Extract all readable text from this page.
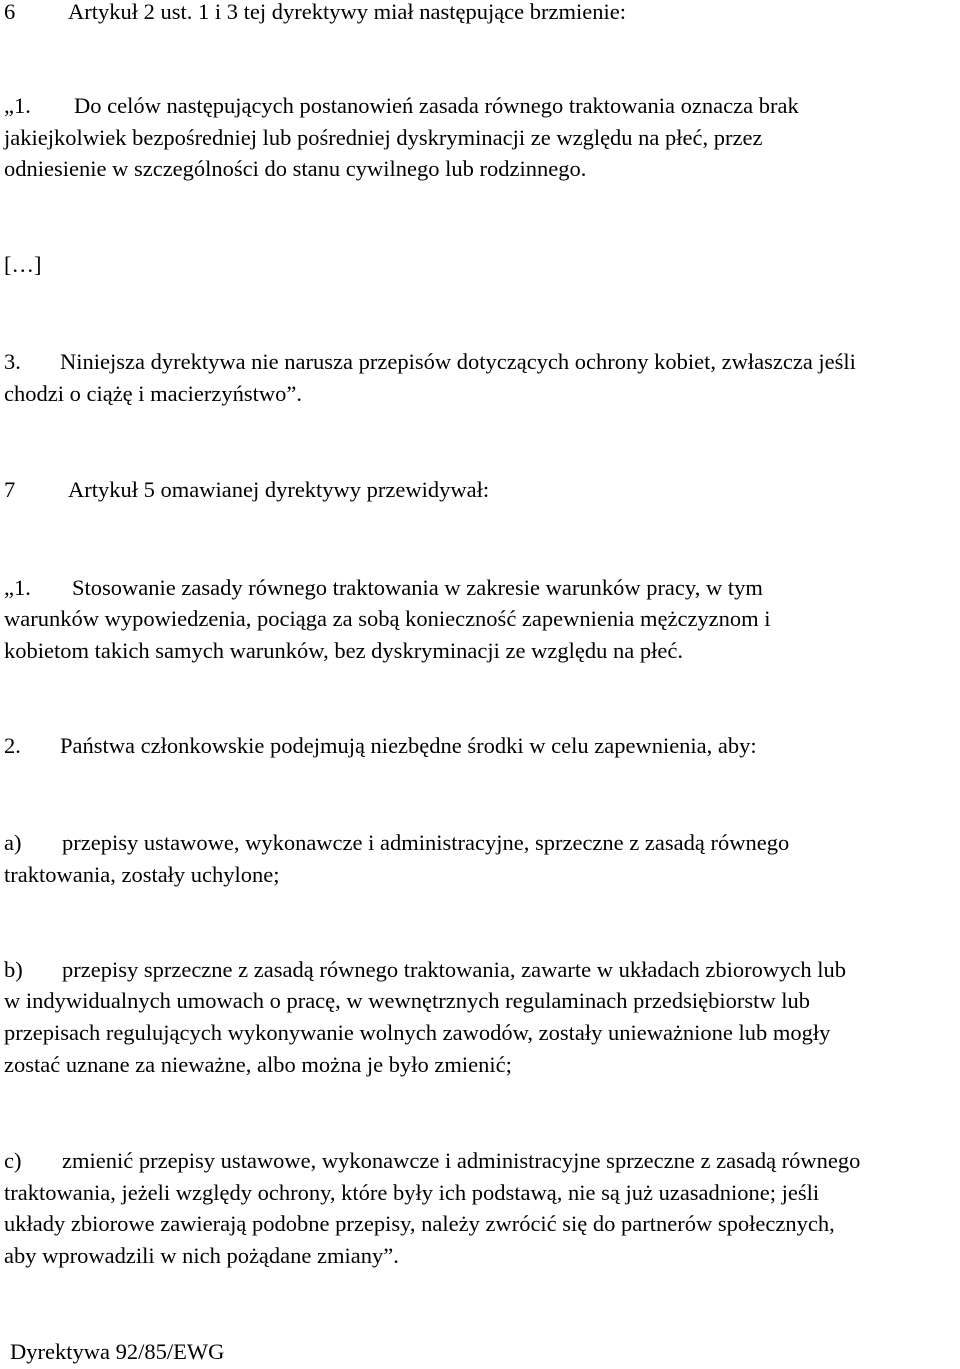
6 Artykuł 2 ust. 1 i 3 tej dyrektywy miał następujące brzmienie:
„1. Do celów następujących postanowień zasada równego traktowania oznacza brak
jakiejkolwiek bezpośredniej lub pośredniej dyskryminacji ze względu na płeć, przez
odniesienie w szczególności do stanu cywilnego lub rodzinnego.
[…]
3. Niniejsza dyrektywa nie narusza przepisów dotyczących ochrony kobiet, zwłaszcza jeśli
chodzi o ciążę i macierzyństwo”.
7 Artykuł 5 omawianej dyrektywy przewidywał:
„1. Stosowanie zasady równego traktowania w zakresie warunków pracy, w tym
warunków wypowiedzenia, pociąga za sobą konieczność zapewnienia mężczyznom i
kobietom takich samych warunków, bez dyskryminacji ze względu na płeć.
2. Państwa członkowskie podejmują niezbędne środki w celu zapewnienia, aby:
a) przepisy ustawowe, wykonawcze i administracyjne, sprzeczne z zasadą równego
traktowania, zostały uchylone;
b) przepisy sprzeczne z zasadą równego traktowania, zawarte w układach zbiorowych lub
w indywidualnych umowach o pracę, w wewnętrznych regulaminach przedsiębiorstw lub
przepisach regulujących wykonywanie wolnych zawodów, zostały unieważnione lub mogły
zostać uznane za nieważne, albo można je było zmienić;
c) zmienić przepisy ustawowe, wykonawcze i administracyjne sprzeczne z zasadą równego
traktowania, jeżeli względy ochrony, które były ich podstawą, nie są już uzasadnione; jeśli
układy zbiorowe zawierają podobne przepisy, należy zwrócić się do partnerów społecznych,
aby wprowadzili w nich pożądane zmiany”.
Dyrektywa 92/85/EWG
